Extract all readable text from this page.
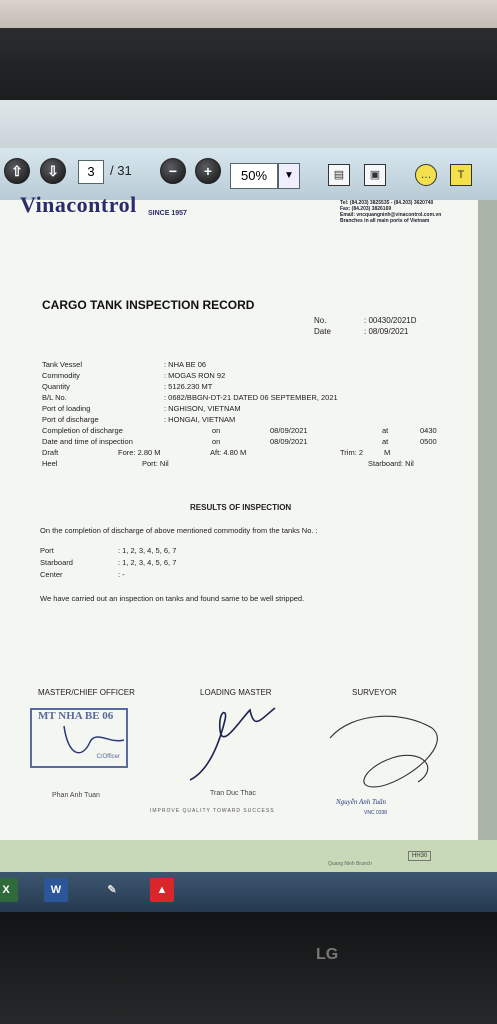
⇧	⇩	3	/ 31	−	+	50%	▼	▤	▣	…	T
Vinacontrol SINCE 1957
Tel: (84.203) 3825535 - (84.203) 3620740
Fax: (84.203) 3826169
Email: vncquangninh@vinacontrol.com.vn
Branches in all main ports of Vietnam
CARGO TANK INSPECTION RECORD
No.	: 00430/2021D
Date	: 08/09/2021
Tank Vessel	: NHA BE 06
Commodity	: MOGAS RON 92
Quantity	: 5126.230 MT
B/L No.	: 0682/BBGN-DT-21 DATED 06 SEPTEMBER, 2021
Port of loading	: NGHISON, VIETNAM
Port of discharge	: HONGAI, VIETNAM
Completion of discharge	on	08/09/2021	at	0430
Date and time of inspection	on	08/09/2021	at	0500
Draft	Fore: 2.80 M	Aft: 4.80 M	Trim: 2	M
Heel	Port: Nil	Starboard: Nil
RESULTS OF INSPECTION
On the completion of discharge of above mentioned commodity from the tanks No. :
Port	: 1, 2, 3, 4, 5, 6, 7
Starboard	: 1, 2, 3, 4, 5, 6, 7
Center	: -
We have carried out an inspection on tanks and found same to be well stripped.
MASTER/CHIEF OFFICER	LOADING MASTER	SURVEYOR
MT NHA BE 06
C/Officer
Phan Anh Tuan	Tran Duc Thac
Nguyễn Anh Tuấn
VNC 0338
IMPROVE QUALITY TOWARD SUCCESS
HH30
Quang Ninh Branch
X	W	✎	▲
LG
